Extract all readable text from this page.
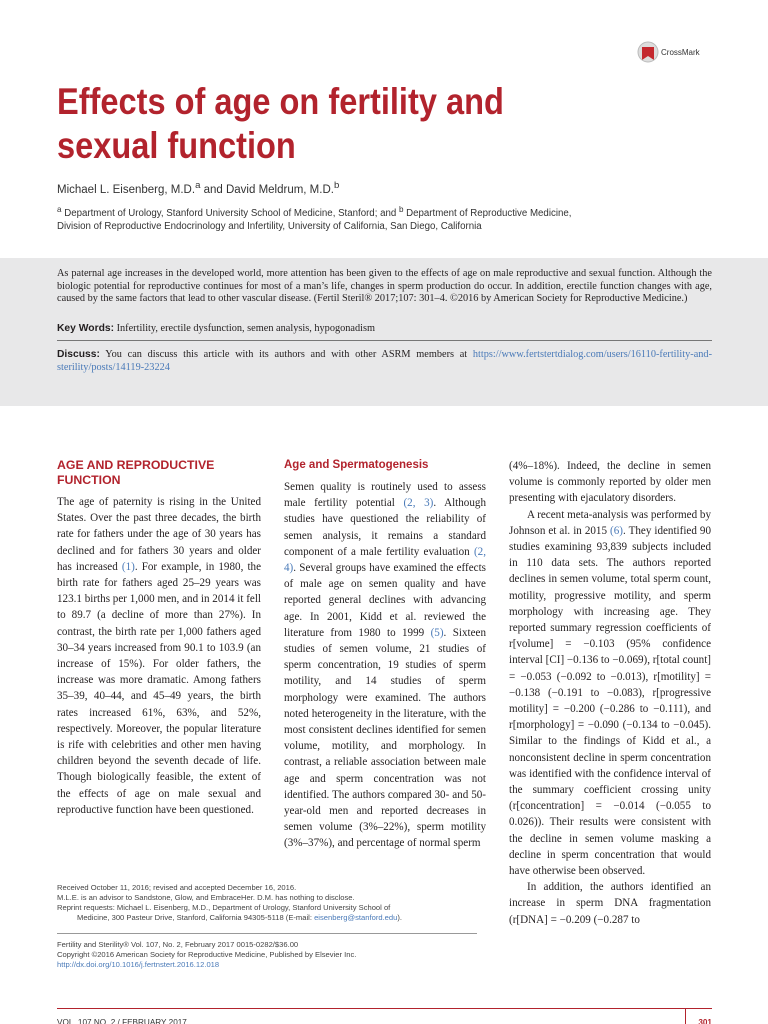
CrossMark
Effects of age on fertility and sexual function
Michael L. Eisenberg, M.D.$^a$ and David Meldrum, M.D.$^b$
$^a$ Department of Urology, Stanford University School of Medicine, Stanford; and $^b$ Department of Reproductive Medicine,
Division of Reproductive Endocrinology and Infertility, University of California, San Diego, California

As paternal age increases in the developed world, more attention has been given to the effects of age on male reproductive and sexual function. Although the biologic potential for reproductive continues for most of a man’s life, changes in sperm production do occur. In addition, erectile function changes with age, caused by the same factors that lead to other vascular disease. (Fertil Steril® 2017;107: 301–4. ©2016 by American Society for Reproductive Medicine.)

Key Words: Infertility, erectile dysfunction, semen analysis, hypogonadism

Discuss: You can discuss this article with its authors and with other ASRM members at https://www.fertstertdialog.com/users/16110-fertility-and-sterility/posts/14119-23224

AGE AND REPRODUCTIVE FUNCTION

The age of paternity is rising in the United States. Over the past three decades, the birth rate for fathers under the age of 30 years has declined and for fathers 30 years and older has increased (1). For example, in 1980, the birth rate for fathers aged 25–29 years was 123.1 births per 1,000 men, and in 2014 it fell to 89.7 (a decline of more than 27%). In contrast, the birth rate per 1,000 fathers aged 30–34 years increased from 90.1 to 103.9 (an increase of 15%). For older fathers, the increase was more dramatic. Among fathers 35–39, 40–44, and 45–49 years, the birth rates increased 61%, 63%, and 52%, respectively. Moreover, the popular literature is rife with celebrities and other men having children beyond the seventh decade of life. Though biologically feasible, the extent of the effects of age on male sexual and reproductive function have been questioned.

Age and Spermatogenesis

Semen quality is routinely used to assess male fertility potential (2, 3). Although studies have questioned the reliability of semen analysis, it remains a standard component of a male fertility evaluation (2, 4). Several groups have examined the effects of male age on semen quality and have reported general declines with advancing age. In 2001, Kidd et al. reviewed the literature from 1980 to 1999 (5). Sixteen studies of semen volume, 21 studies of sperm concentration, 19 studies of sperm motility, and 14 studies of sperm morphology were examined. The authors noted heterogeneity in the literature, with the most consistent declines identified for semen volume, motility, and morphology. In contrast, a reliable association between male age and sperm concentration was not identified. The authors compared 30- and 50-year-old men and reported decreases in semen volume (3%–22%), sperm motility (3%–37%), and percentage of normal sperm

(4%–18%). Indeed, the decline in semen volume is commonly reported by older men presenting with ejaculatory disorders.

A recent meta-analysis was performed by Johnson et al. in 2015 (6). They identified 90 studies examining 93,839 subjects included in 110 data sets. The authors reported declines in semen volume, total sperm count, motility, progressive motility, and sperm morphology with increasing age. They reported summary regression coefficients of r[volume] = −0.103 (95% confidence interval [CI] −0.136 to −0.069), r[total count] = −0.053 (−0.092 to −0.013), r[motility] = −0.138 (−0.191 to −0.083), r[progressive motility] = −0.200 (−0.286 to −0.111), and r[morphology] = −0.090 (−0.134 to −0.045). Similar to the findings of Kidd et al., a nonconsistent decline in sperm concentration was identified with the confidence interval of the summary coefficient crossing unity (r[concentration] = −0.014 (−0.055 to 0.026)). Their results were consistent with the decline in semen volume masking a decline in sperm concentration that would have otherwise been observed.

In addition, the authors identified an increase in sperm DNA fragmentation (r[DNA] = −0.209 (−0.287 to

Received October 11, 2016; revised and accepted December 16, 2016.
M.L.E. is an advisor to Sandstone, Glow, and EmbraceHer. D.M. has nothing to disclose.
Reprint requests: Michael L. Eisenberg, M.D., Department of Urology, Stanford University School of
Medicine, 300 Pasteur Drive, Stanford, California 94305-5118 (E-mail: eisenberg@stanford.edu).
Fertility and Sterility® Vol. 107, No. 2, February 2017 0015-0282/$36.00
Copyright ©2016 American Society for Reproductive Medicine, Published by Elsevier Inc.
http://dx.doi.org/10.1016/j.fertnstert.2016.12.018
VOL. 107 NO. 2 / FEBRUARY 2017	301
